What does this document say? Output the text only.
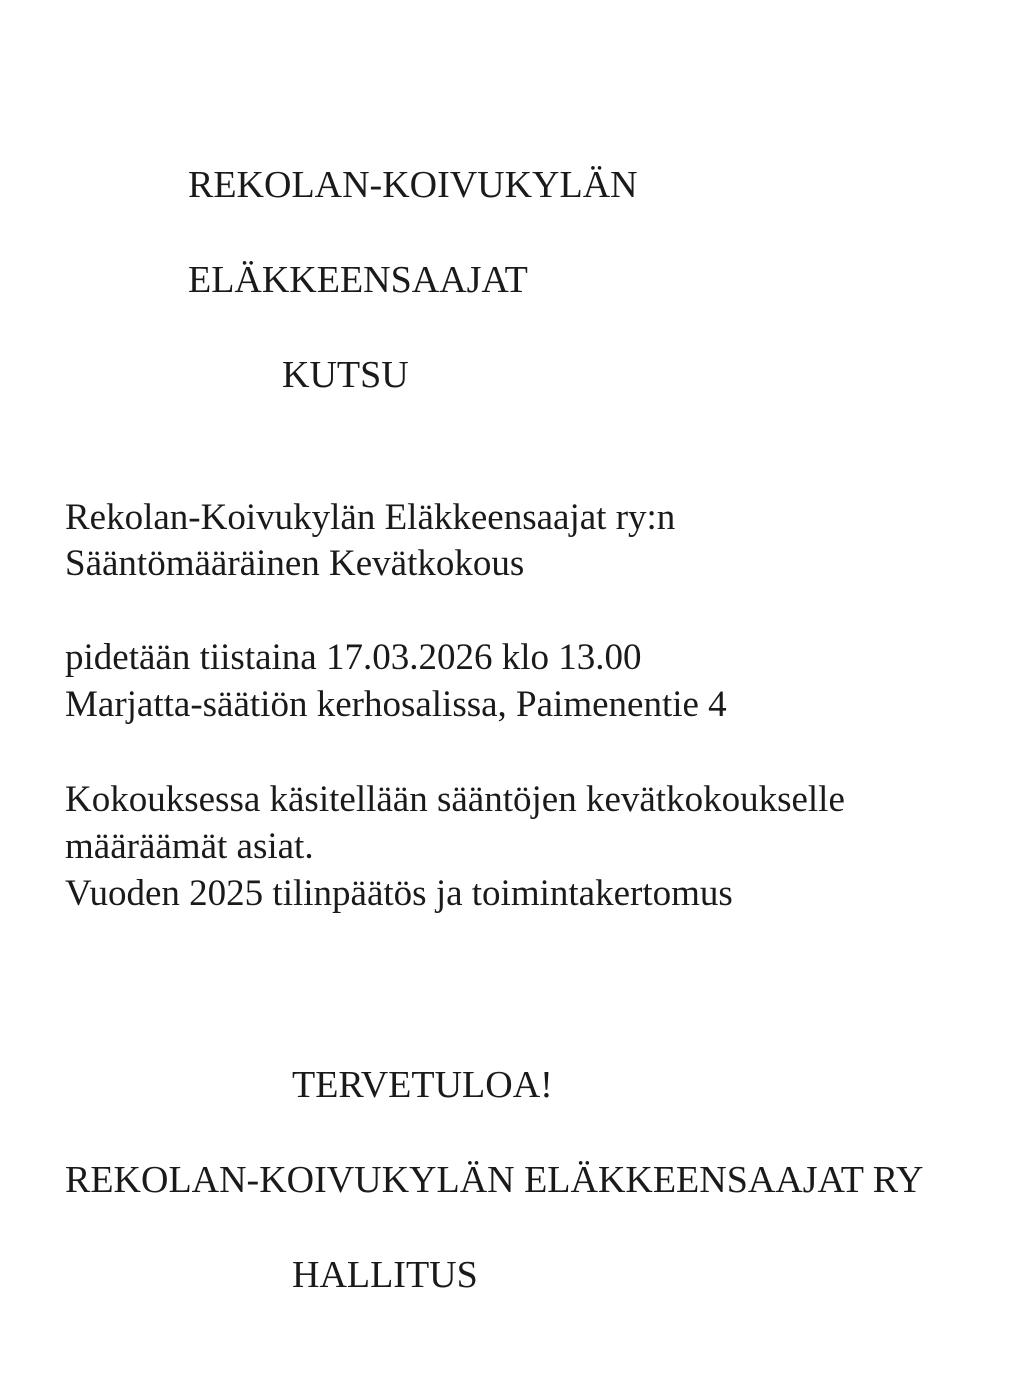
REKOLAN-KOIVUKYLÄN
ELÄKKEENSAAJAT
KUTSU
Rekolan-Koivukylän Eläkkeensaajat ry:n
Sääntömääräinen Kevätkokous
pidetään tiistaina 17.03.2026 klo 13.00
Marjatta-säätiön kerhosalissa, Paimenentie 4
Kokouksessa käsitellään sääntöjen kevätkokoukselle
määräämät asiat.
Vuoden 2025 tilinpäätös ja toimintakertomus
TERVETULOA!
REKOLAN-KOIVUKYLÄN ELÄKKEENSAAJAT RY
HALLITUS
